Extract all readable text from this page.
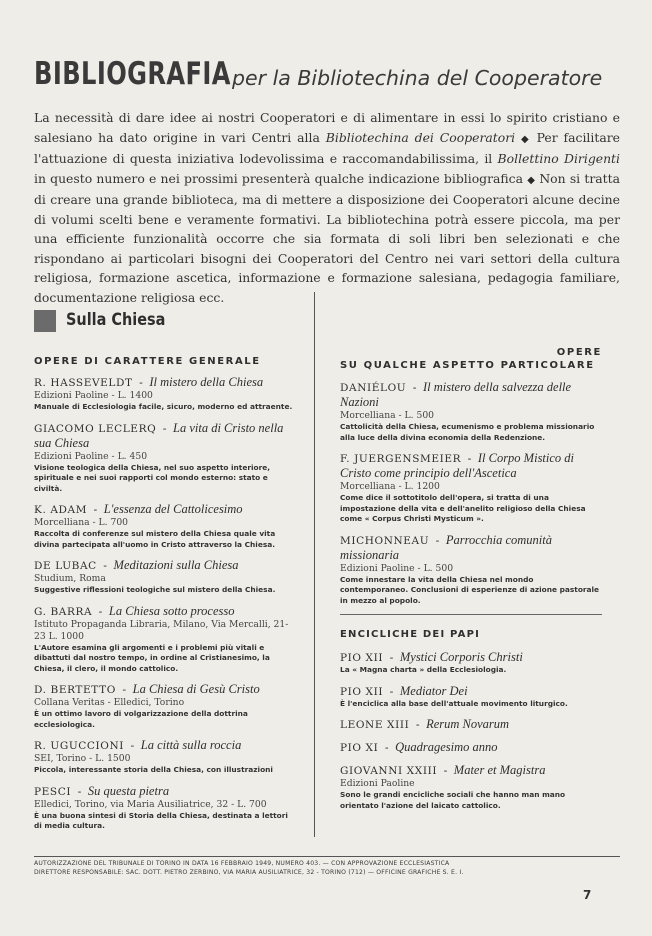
BIBLIOGRAFIA per la Bibliotechina del Cooperatore
La necessità di dare idee ai nostri Cooperatori e di alimentare in essi lo spirito cristiano e salesiano ha dato origine in vari Centri alla Bibliotechina dei Cooperatori ◆ Per facilitare l'attuazione di questa iniziativa lodevolissima e raccomandabilissima, il Bollettino Dirigenti in questo numero e nei prossimi presenterà qualche indicazione bibliografica ◆ Non si tratta di creare una grande biblioteca, ma di mettere a disposizione dei Cooperatori alcune decine di volumi scelti bene e veramente formativi. La bibliotechina potrà essere piccola, ma per una efficiente funzionalità occorre che sia formata di soli libri ben selezionati e che rispondano ai particolari bisogni dei Cooperatori del Centro nei vari settori della cultura religiosa, formazione ascetica, informazione e formazione salesiana, pedagogia familiare, documentazione religiosa ecc.
Sulla Chiesa
OPERE DI CARATTERE GENERALE
R. HASSEVELDT - Il mistero della Chiesa
Edizioni Paoline - L. 1400
Manuale di Ecclesiologia facile, sicuro, moderno ed attraente.
GIACOMO LECLERQ - La vita di Cristo nella sua Chiesa
Edizioni Paoline - L. 450
Visione teologica della Chiesa, nel suo aspetto interiore, spirituale e nei suoi rapporti col mondo esterno: stato e civiltà.
K. ADAM - L'essenza del Cattolicesimo
Morcelliana - L. 700
Raccolta di conferenze sul mistero della Chiesa quale vita divina partecipata all'uomo in Cristo attraverso la Chiesa.
DE LUBAC - Meditazioni sulla Chiesa
Studium, Roma
Suggestive riflessioni teologiche sul mistero della Chiesa.
G. BARRA - La Chiesa sotto processo
Istituto Propaganda Libraria, Milano, Via Mercalli, 21-23 L. 1000
L'Autore esamina gli argomenti e i problemi più vitali e dibattuti dal nostro tempo, in ordine al Cristianesimo, la Chiesa, il clero, il mondo cattolico.
D. BERTETTO - La Chiesa di Gesù Cristo
Collana Veritas - Elledici, Torino
È un ottimo lavoro di volgarizzazione della dottrina ecclesiologica.
R. UGUCCIONI - La città sulla roccia
SEI, Torino - L. 1500
Piccola, interessante storia della Chiesa, con illustrazioni
PESCI - Su questa pietra
Elledici, Torino, via Maria Ausiliatrice, 32 - L. 700
È una buona sintesi di Storia della Chiesa, destinata a lettori di media cultura.
OPERE
SU QUALCHE ASPETTO PARTICOLARE
DANIÉLOU - Il mistero della salvezza delle Nazioni
Morcelliana - L. 500
Cattolicità della Chiesa, ecumenismo e problema missionario alla luce della divina economia della Redenzione.
F. JUERGENSMEIER - Il Corpo Mistico di Cristo come principio dell'Ascetica
Morcelliana - L. 1200
Come dice il sottotitolo dell'opera, si tratta di una impostazione della vita e dell'anelito religioso della Chiesa come « Corpus Christi Mysticum ».
MICHONNEAU - Parrocchia comunità missionaria
Edizioni Paoline - L. 500
Come innestare la vita della Chiesa nel mondo contemporaneo. Conclusioni di esperienze di azione pastorale in mezzo al popolo.
ENCICLICHE DEI PAPI
PIO XII - Mystici Corporis Christi
La « Magna charta » della Ecclesiologia.
PIO XII - Mediator Dei
È l'enciclica alla base dell'attuale movimento liturgico.
LEONE XIII - Rerum Novarum
PIO XI - Quadragesimo anno
GIOVANNI XXIII - Mater et Magistra
Edizioni Paoline
Sono le grandi encicliche sociali che hanno man mano orientato l'azione del laicato cattolico.
AUTORIZZAZIONE DEL TRIBUNALE DI TORINO IN DATA 16 FEBBRAIO 1949, NUMERO 403. — CON APPROVAZIONE ECCLESIASTICA
DIRETTORE RESPONSABILE: SAC. DOTT. PIETRO ZERBINO, VIA MARIA AUSILIATRICE, 32 - TORINO (712) — OFFICINE GRAFICHE S. E. I.
7
